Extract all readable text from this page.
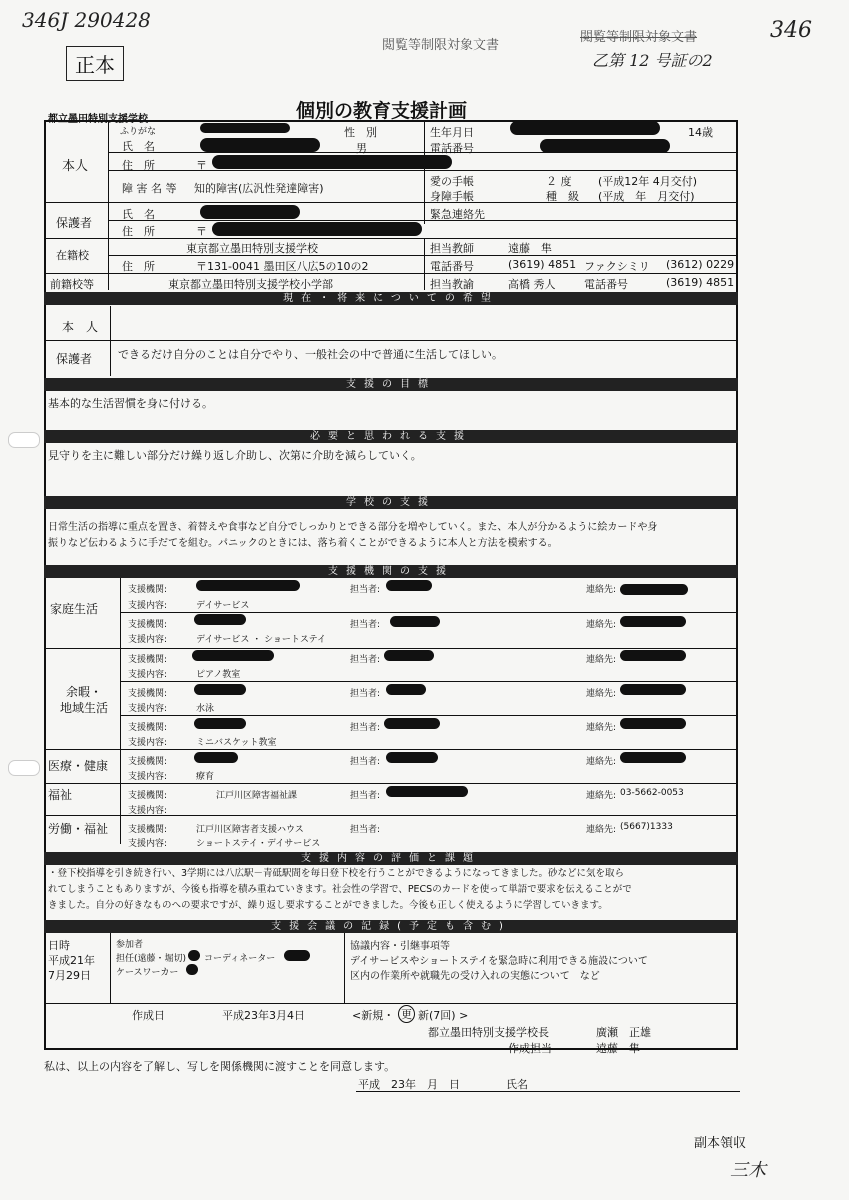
346J 290428
正本
閲覧等制限対象文書
閲覧等制限対象文書	346
乙第 12 号証の2
都立墨田特別支援学校	個別の教育支援計画
本人
ふりがな
氏　名
性　別
男
生年月日	14歳
電話番号
住　所	〒
障 害 名 等 知的障害(広汎性発達障害)
愛の手帳	２ 度 (平成12年 4月交付)
身障手帳	種　級 (平成　年　月交付)
保護者
氏　名	緊急連絡先
住　所	〒
在籍校
東京都立墨田特別支援学校	担当教師	遠藤　隼
住　所	〒131-0041 墨田区八広5の10の2	電話番号	(3619) 4851 ファクシミリ (3612) 0229
前籍校等	東京都立墨田特別支援学校小学部	担当教諭	高橋 秀人	電話番号	(3619) 4851
現在・将来についての希望
本　人
保護者 できるだけ自分のことは自分でやり、一般社会の中で普通に生活してほしい。
支援の目標
基本的な生活習慣を身に付ける。
必要と思われる支援
見守りを主に難しい部分だけ繰り返し介助し、次第に介助を減らしていく。
学校の支援
日常生活の指導に重点を置き、着替えや食事など自分でしっかりとできる部分を増やしていく。また、本人が分かるように絵カードや身
振りなど伝わるように手だてを組む。パニックのときには、落ち着くことができるように本人と方法を模索する。
支援機関の支援
家庭生活
支援機関:	担当者:	連絡先:
支援内容:	デイサービス
支援機関:	担当者:	連絡先:
支援内容:	デイサービス ・ ショートステイ
余暇・
地域生活
支援機関:	担当者:	連絡先:
支援内容:	ピアノ教室
支援機関:	担当者:	連絡先:
支援内容:	水泳
支援機関:	担当者:	連絡先:
支援内容:	ミニバスケット教室
医療・健康 支援機関:	担当者:	連絡先:
支援内容:	療育
福祉	支援機関:	江戸川区障害福祉課	担当者:	連絡先: 03-5662-0053
支援内容:
労働・福祉 支援機関:	江戸川区障害者支援ハウス	担当者:	連絡先: (5667)1333
支援内容:	ショートステイ・デイサービス
支援内容の評価と課題
・登下校指導を引き続き行い、3学期には八広駅－青砥駅間を毎日登下校を行うことができるようになってきました。砂などに気を取ら
れてしまうこともありますが、今後も指導を積み重ねていきます。社会性の学習で、PECSのカードを使って単語で要求を伝えることがで
きました。自分の好きなものへの要求ですが、繰り返し要求することができました。今後も正しく使えるように学習していきます。
支援会議の記録(予定も含む)
日時
平成21年
7月29日
参加者
担任(遠藤・堀切) コーディネーター
ケースワーカー
協議内容・引継事項等
デイサービスやショートステイを緊急時に利用できる施設について
区内の作業所や就職先の受け入れの実態について　など
作成日	平成23年3月4日	<新規・ 更 新(7回) >
都立墨田特別支援学校長	廣瀬　正雄
作成担当	遠藤　隼
私は、以上の内容を了解し、写しを関係機関に渡すことを同意します。
平成　23年　月　日	氏名
副本領収
三木
